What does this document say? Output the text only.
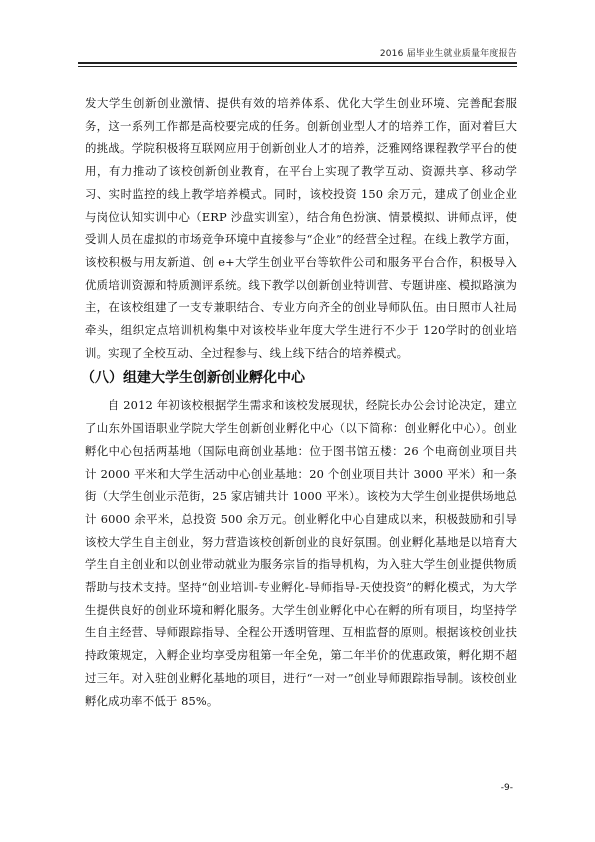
2016 届毕业生就业质量年度报告

发大学生创新创业激情、提供有效的培养体系、优化大学生创业环境、完善配套服务，这一系列工作都是高校要完成的任务。创新创业型人才的培养工作，面对着巨大的挑战。学院积极将互联网应用于创新创业人才的培养，泛雅网络课程教学平台的使用，有力推动了该校创新创业教育，在平台上实现了教学互动、资源共享、移动学习、实时监控的线上教学培养模式。同时，该校投资 150 余万元，建成了创业企业与岗位认知实训中心（ERP 沙盘实训室），结合角色扮演、情景模拟、讲师点评，使受训人员在虚拟的市场竞争环境中直接参与“企业”的经营全过程。在线上教学方面，该校积极与用友新道、创 e+大学生创业平台等软件公司和服务平台合作，积极导入优质培训资源和特质测评系统。线下教学以创新创业特训营、专题讲座、模拟路演为主，在该校组建了一支专兼职结合、专业方向齐全的创业导师队伍。由日照市人社局牵头，组织定点培训机构集中对该校毕业年度大学生进行不少于 120学时的创业培训。实现了全校互动、全过程参与、线上线下结合的培养模式。

（八）组建大学生创新创业孵化中心

自 2012 年初该校根据学生需求和该校发展现状，经院长办公会讨论决定，建立了山东外国语职业学院大学生创新创业孵化中心（以下简称：创业孵化中心）。创业孵化中心包括两基地（国际电商创业基地：位于图书馆五楼：26 个电商创业项目共计 2000 平米和大学生活动中心创业基地：20 个创业项目共计 3000 平米）和一条街（大学生创业示范街，25 家店铺共计 1000 平米）。该校为大学生创业提供场地总计 6000 余平米，总投资 500 余万元。创业孵化中心自建成以来，积极鼓励和引导该校大学生自主创业，努力营造该校创新创业的良好氛围。创业孵化基地是以培育大学生自主创业和以创业带动就业为服务宗旨的指导机构，为入驻大学生创业提供物质帮助与技术支持。坚持“创业培训-专业孵化-导师指导-天使投资”的孵化模式，为大学生提供良好的创业环境和孵化服务。大学生创业孵化中心在孵的所有项目，均坚持学生自主经营、导师跟踪指导、全程公开透明管理、互相监督的原则。根据该校创业扶持政策规定，入孵企业均享受房租第一年全免，第二年半价的优惠政策，孵化期不超过三年。对入驻创业孵化基地的项目，进行“一对一”创业导师跟踪指导制。该校创业孵化成功率不低于 85%。

-9-
